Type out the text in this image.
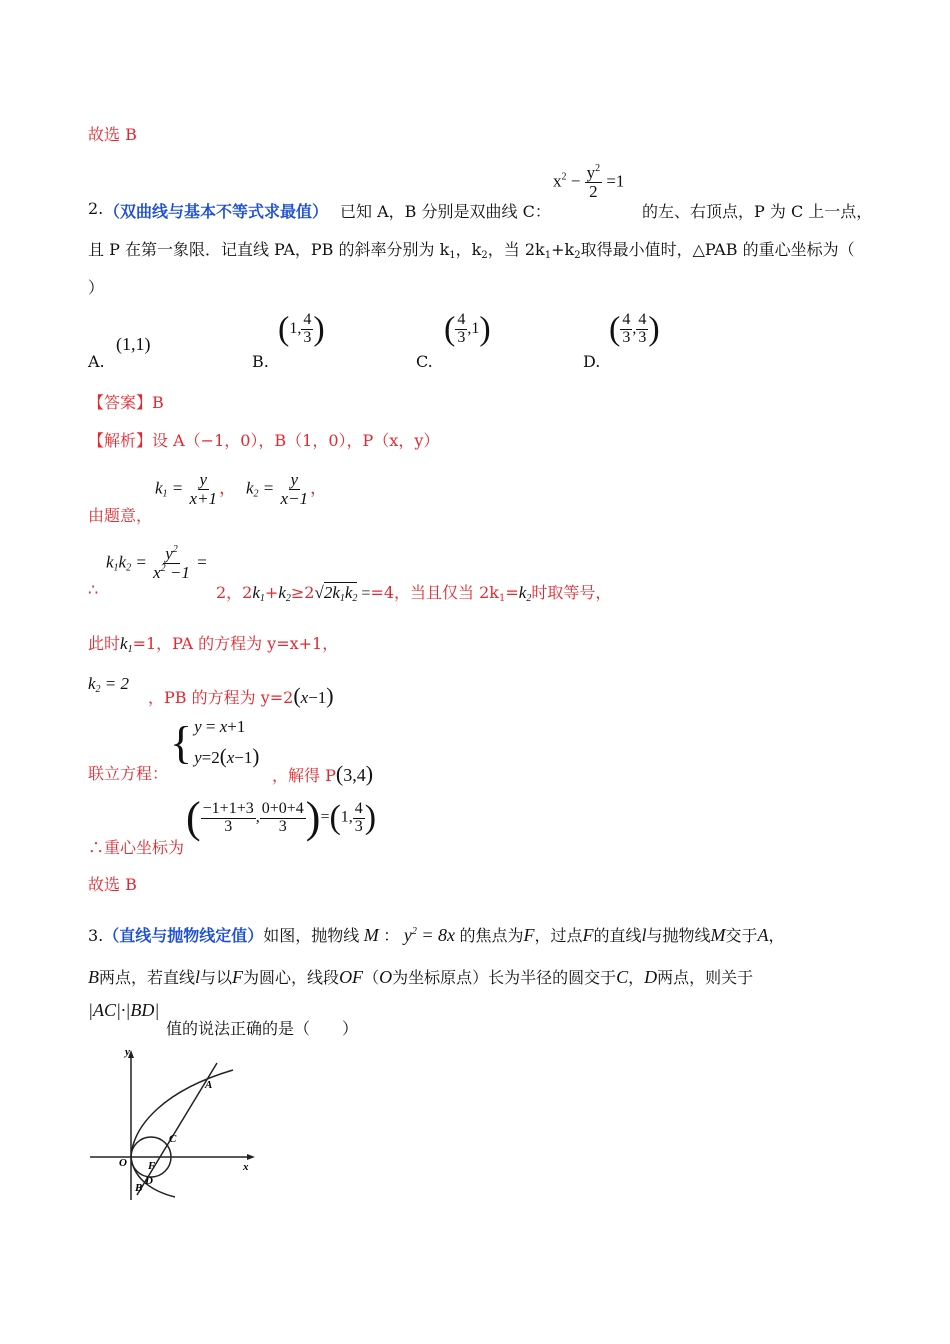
故选 B
2. （双曲线与基本不等式求最值） 已知 A，B 分别是双曲线 C：
$x^2 - \frac{y^2}{2} =1$
的左、右顶点，P 为 C 上一点，
且 P 在第一象限．记直线 PA，PB 的斜率分别为 $k_1$，$k_2$，当 $2k_1+k_2$取得最小值时，△PAB 的重心坐标为（
）
A.
(1,1)
B.
(1, $\frac{4}{3}$ )
C.
( $\frac{4}{3} ,1$)
D.
( $\frac{4}{3}$ , $\frac{4}{3}$ )
【答案】B
【解析】设 A（−1，0），B（1，0），P（x，y）
由题意，
$k_1 = \frac{y}{x+1}$ ， $k_2 = \frac{y}{x-1}$ ，
∴
$k_1k_2 = \frac{y^2}{x^2 -1}$ =
2，$2k_1+k_2\ge 2√2k_1k_2 ==4$，当且仅当 $2k_1=k_2$时取等号，
此时$k_1=1$，PA 的方程为 y=x+1，
$k_2 = 2$
，PB 的方程为 y=2(x−1)
联立方程：
{ y = x+1
y=2(x−1)
，解得 P(3,4)
∴重心坐标为
( $\frac{-1+1+3}{3}$ , $\frac{0+0+4}{3} )=(1$, $\frac{4}{3}$ )
故选 B
3.（直线与抛物线定值）如图，抛物线 M ： $y^2 = 8x$ 的焦点为F，过点F的直线l与抛物线M交于A，
B两点，若直线l与以F为圆心，线段OF（O为坐标原点）长为半径的圆交于C，D两点，则关于
|AC|·|BD|
值的说法正确的是（　　）
y
x
O F
A
B
C
D
